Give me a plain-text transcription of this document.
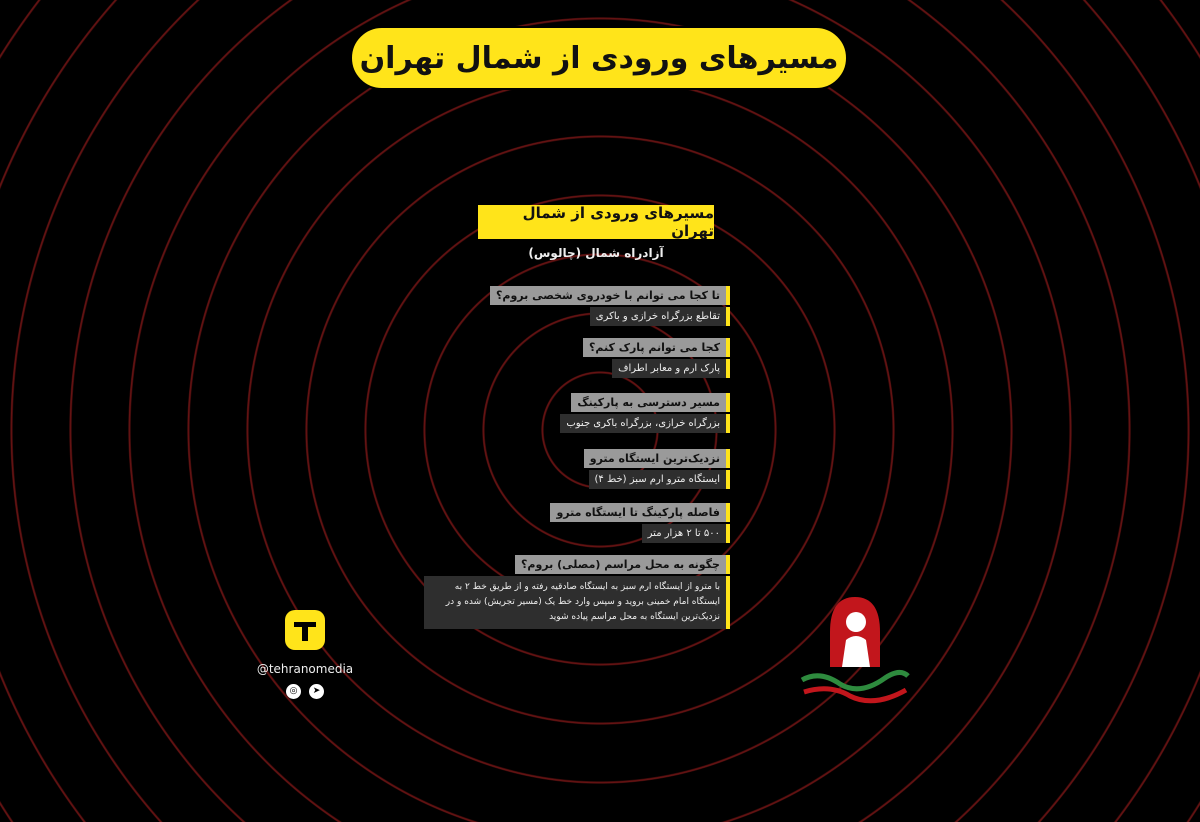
مسیرهای ورودی از شمال تهران
مسیرهای ورودی از شمال تهران
آزادراه شمال (چالوس)
تا کجا می توانم با خودروی شخصی بروم؟
تقاطع بزرگراه خرازی و باکری
کجا می توانم پارک کنم؟
پارک ارم و معابر اطراف
مسیر دسترسی به پارکینگ
بزرگراه خرازی، بزرگراه باکری جنوب
نزدیک‌ترین ایستگاه مترو
ایستگاه مترو ارم سبز (خط ۴)
فاصله پارکینگ تا ایستگاه مترو
۵۰۰ تا ۲ هزار متر
چگونه به محل مراسم (مصلی) بروم؟
با مترو از ایستگاه ارم سبز به ایستگاه صادقیه رفته و از طریق خط ۲ به ایستگاه امام خمینی بروید و سپس وارد خط یک (مسیر تجریش) شده و در نزدیک‌ترین ایستگاه به محل مراسم پیاده شوید
@tehranomedia
◎	➤
